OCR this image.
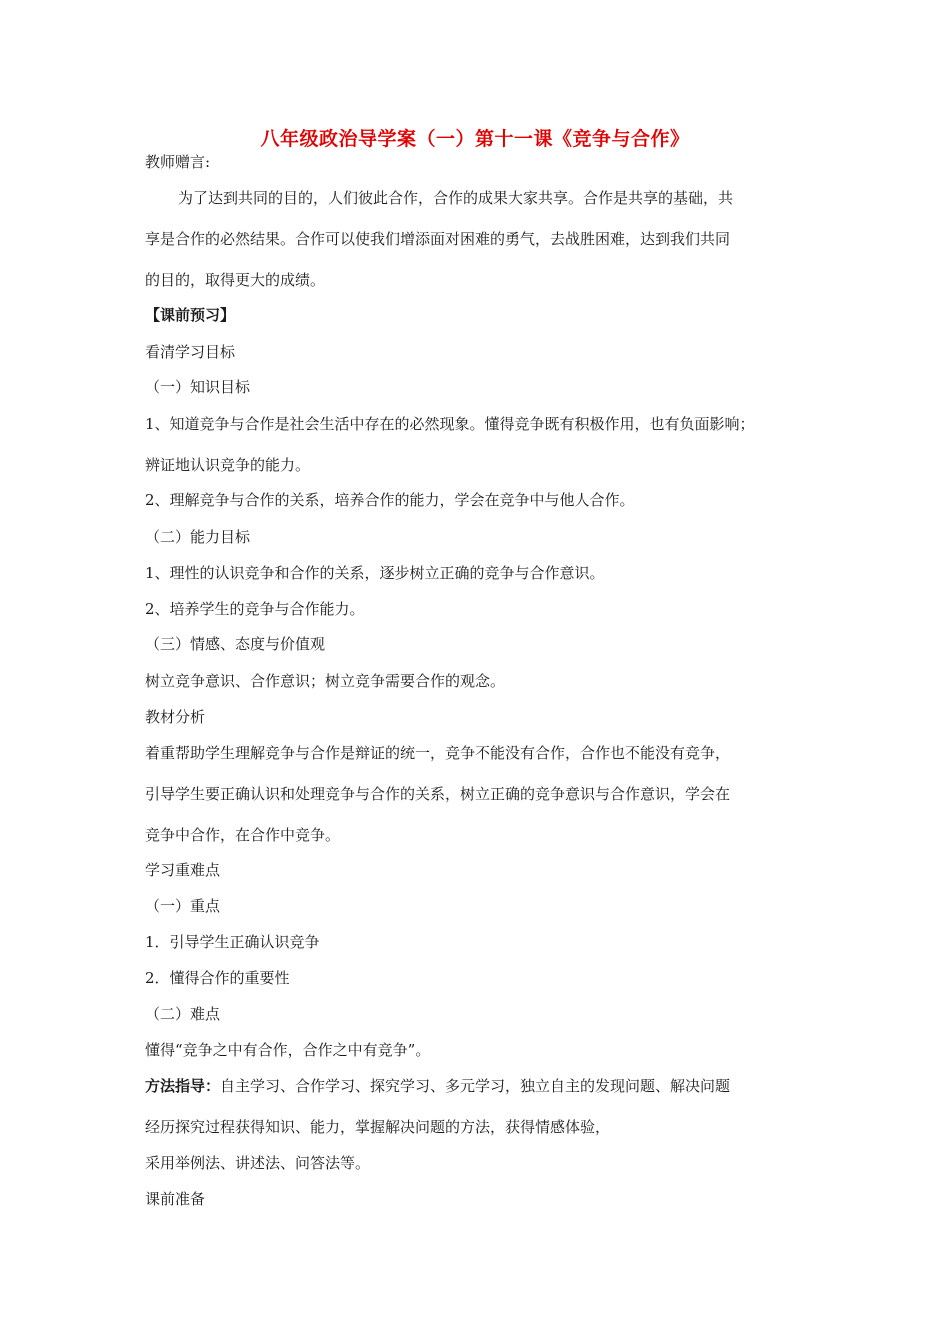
八年级政治导学案（一）第十一课《竞争与合作》
教师赠言:
为了达到共同的目的，人们彼此合作，合作的成果大家共享。合作是共享的基础，共
享是合作的必然结果。合作可以使我们增添面对困难的勇气，去战胜困难，达到我们共同
的目的，取得更大的成绩。
【课前预习】
看清学习目标
（一）知识目标
1、知道竞争与合作是社会生活中存在的必然现象。懂得竞争既有积极作用，也有负面影响；
辨证地认识竞争的能力。
2、理解竞争与合作的关系，培养合作的能力，学会在竞争中与他人合作。
（二）能力目标
1、理性的认识竞争和合作的关系，逐步树立正确的竞争与合作意识。
2、培养学生的竞争与合作能力。
（三）情感、态度与价值观
树立竞争意识、合作意识；树立竞争需要合作的观念。
教材分析
着重帮助学生理解竞争与合作是辩证的统一，竞争不能没有合作，合作也不能没有竞争，
引导学生要正确认识和处理竞争与合作的关系，树立正确的竞争意识与合作意识，学会在
竞争中合作，在合作中竞争。
学习重难点
（一）重点
1．引导学生正确认识竞争
2．懂得合作的重要性
（二）难点
懂得“竞争之中有合作，合作之中有竞争”。
方法指导：自主学习、合作学习、探究学习、多元学习，独立自主的发现问题、解决问题
经历探究过程获得知识、能力，掌握解决问题的方法，获得情感体验，
采用举例法、讲述法、问答法等。
课前准备
